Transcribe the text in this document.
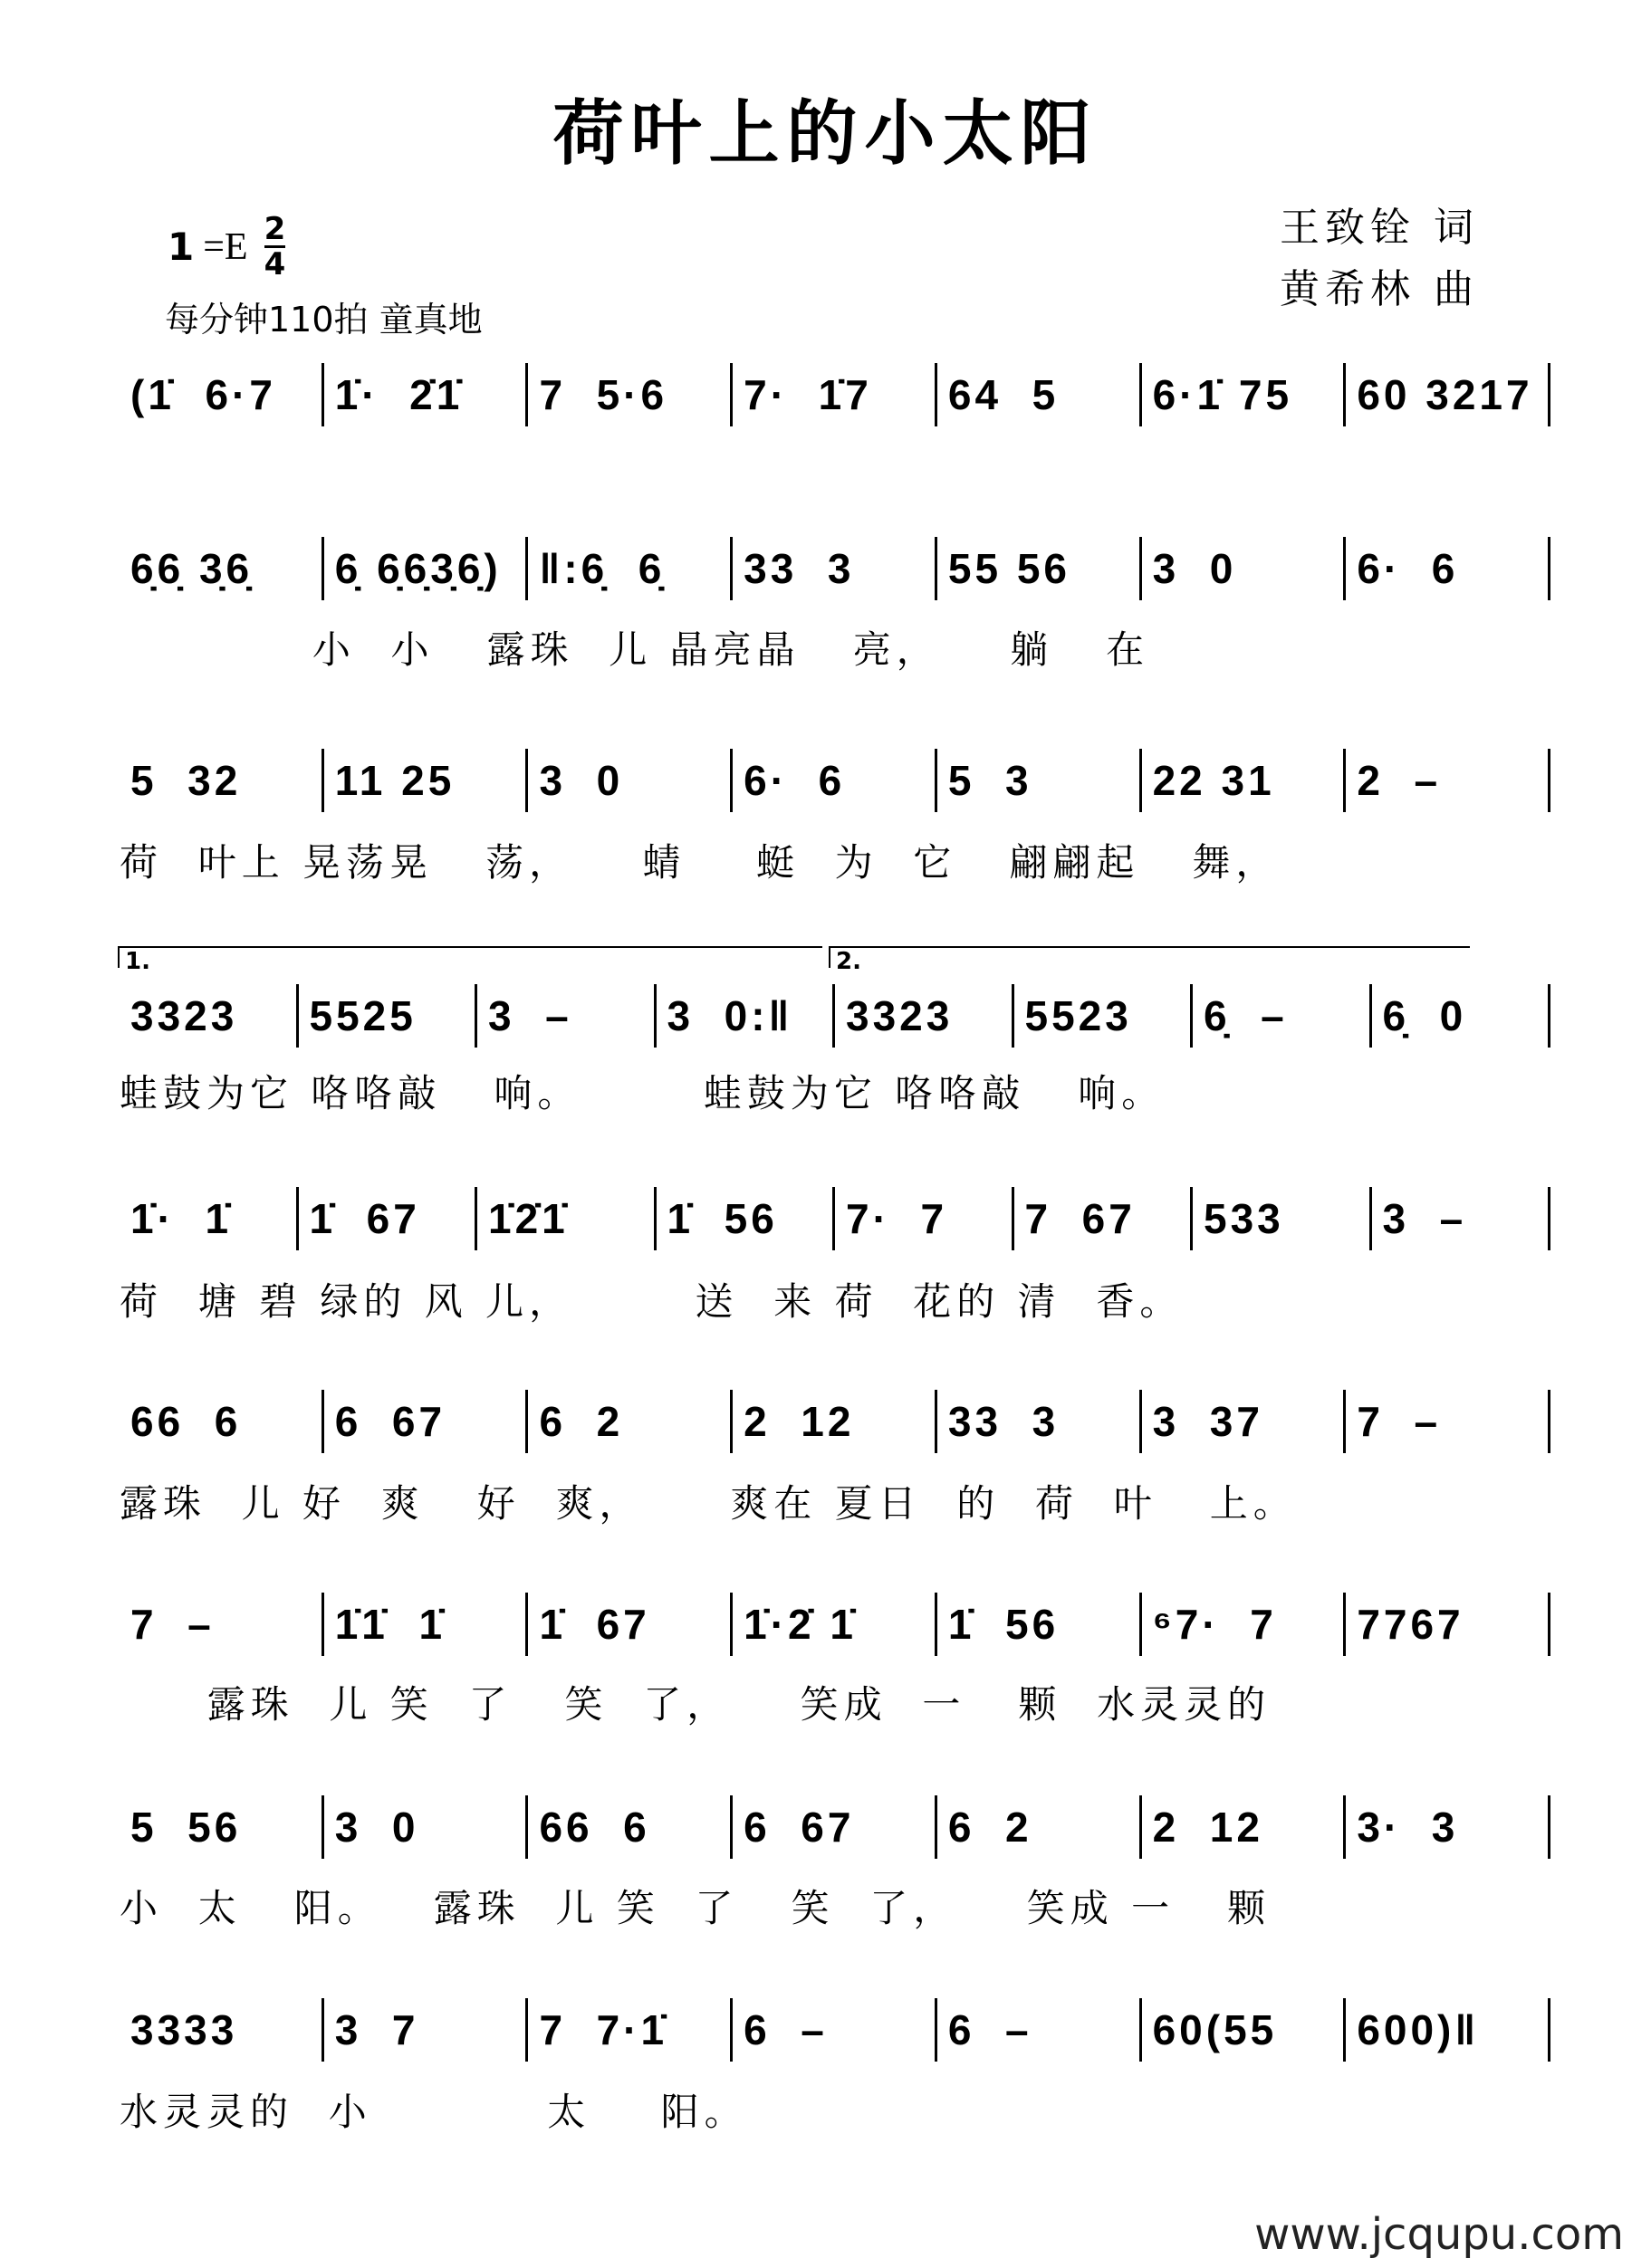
荷叶上的小太阳
$1 =E \frac{2}{4}$
每分钟110拍 童真地
王致铨 词
黄希林 曲
1.	2.
(1̇  6·7	1̇·  2̇1̇	7  5·6	7·  1̇7	64  5	6·1̇ 75	60 3217
6̣6̣ 3̣6̣	6̣ 6̣6̣3̣6̣) ‖:6̣  6̣	33  3	55 56	3  0	6·  6
小  小   露珠  儿 晶亮晶   亮，    躺   在
5  32	11 25	3  0	6·  6	5  3	22 31	2  –
荷  叶上 晃荡晃   荡，    蜻    蜓  为  它   翩翩起   舞，
3323	5525	3  –	3  0:‖	3323	5523	6̣  –	6̣  0
蛙鼓为它 咯咯敲   响。       蛙鼓为它 咯咯敲   响。
1̇·  1̇	1̇  67	1̇2̇1̇	1̇  56	7·  7	7  67	533	3  –
荷  塘 碧 绿的 风 儿，       送  来 荷  花的 清  香。
66  6	6  67	6  2	2  12	33  3	3  37	7  –
露珠  儿 好  爽   好  爽，     爽在 夏日  的  荷  叶   上。
7  –	1̇1̇  1̇	1̇  67	1̇·2̇ 1̇	1̇  56	⁶7·  7	7767
露珠  儿 笑  了   笑  了，    笑成  一   颗  水灵灵的
5  56	3  0	66  6	6  67	6  2	2  12	3·  3
小  太   阳。   露珠  儿 笑  了   笑  了，    笑成 一   颗
3333	3  7	7  7·1̇	6  –	6  –	60(55	600)‖
水灵灵的  小          太    阳。
www.jcqupu.com
